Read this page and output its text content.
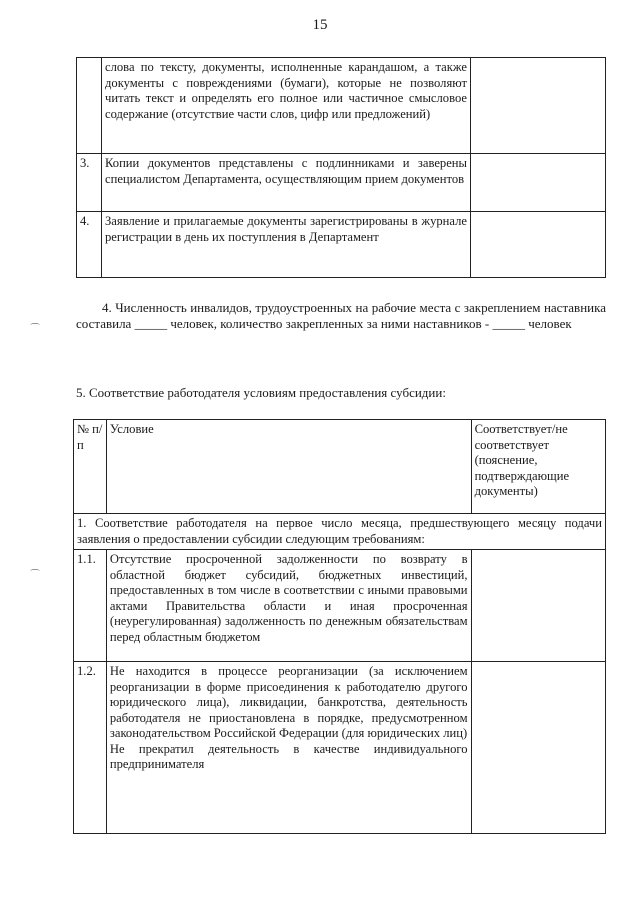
15
	слова по тексту, документы, исполненные карандашом, а также документы с повреждениями (бумаги), которые не позволяют читать текст и определять его полное или частичное смысловое содержание (отсутствие части слов, цифр или предложений)	
3.	Копии документов представлены с подлинниками и заверены специалистом Департамента, осуществляющим прием документов	
4.	Заявление и прилагаемые документы зарегистрированы в журнале регистрации в день их поступления в Департамент	
4. Численность инвалидов, трудоустроенных на рабочие места с закреплением наставника составила _____ человек, количество закрепленных за ними наставников - _____ человек
5. Соответствие работодателя условиям предоставления субсидии:
№ п/п	Условие	Соответствует/не соответствует (пояснение, подтверждающие документы)
1. Соответствие работодателя на первое число месяца, предшествующего месяцу подачи заявления о предоставлении субсидии следующим требованиям:		
1.1.	Отсутствие просроченной задолженности по возврату в областной бюджет субсидий, бюджетных инвестиций, предоставленных в том числе в соответствии с иными правовыми актами Правительства области и иная просроченная (неурегулированная) задолженность по денежным обязательствам перед областным бюджетом	
1.2.	Не находится в процессе реорганизации (за исключением реорганизации в форме присоединения к работодателю другого юридического лица), ликвидации, банкротства, деятельность работодателя не приостановлена в порядке, предусмотренном законодательством Российской Федерации (для юридических лиц)
Не прекратил деятельность в качестве индивидуального предпринимателя	

⌒
⌒
